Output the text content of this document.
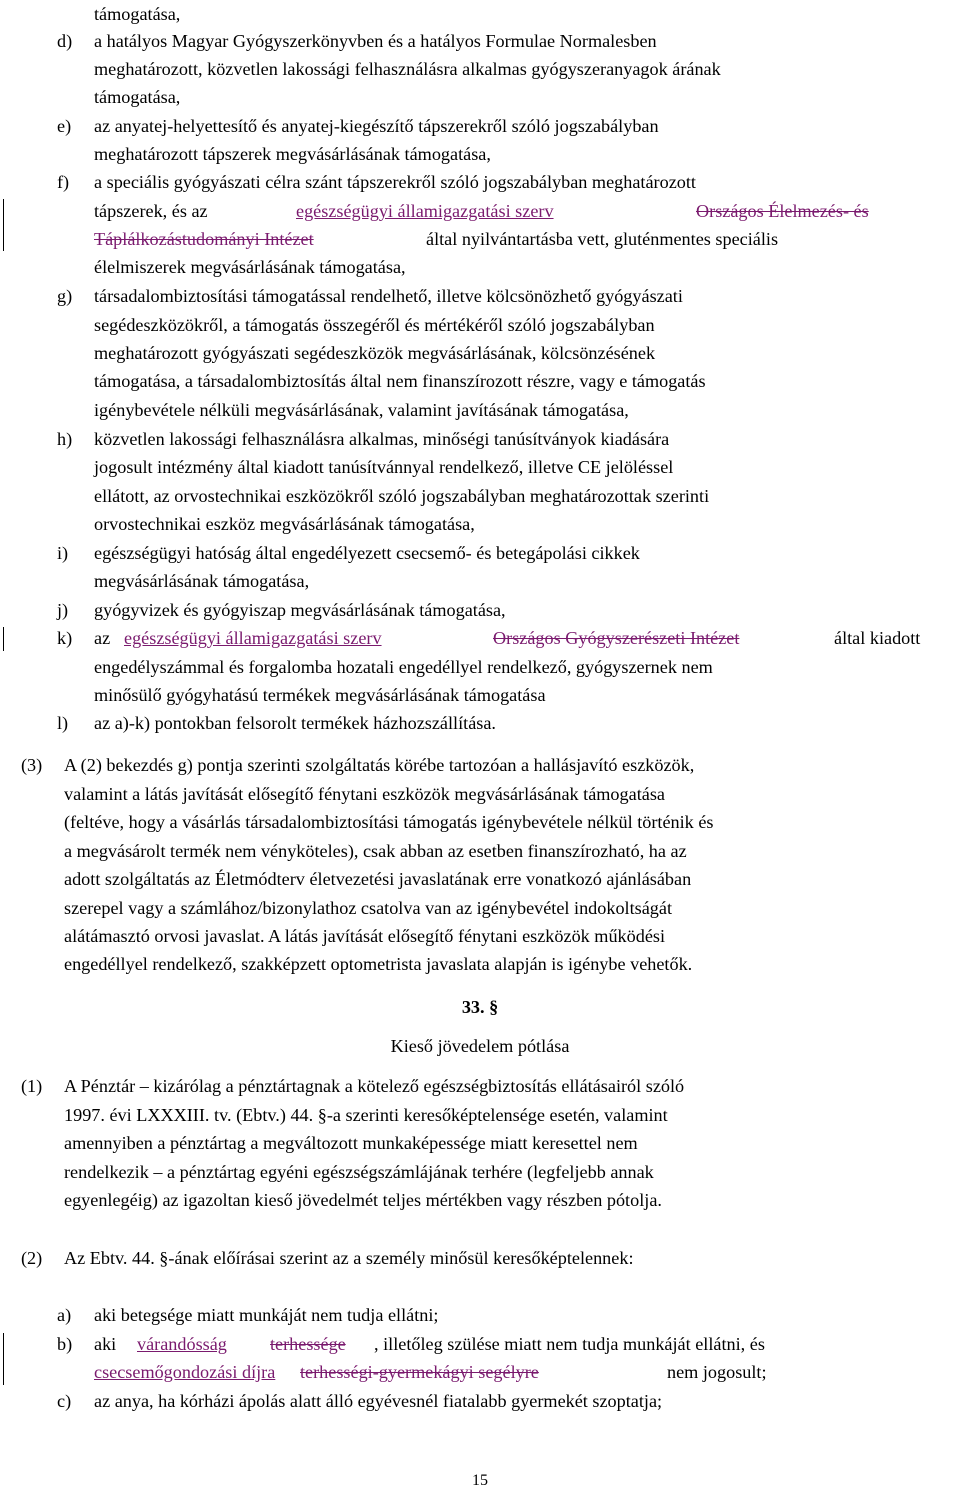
támogatása,
d) a hatályos Magyar Gyógyszerkönyvben és a hatályos Formulae Normalesben
meghatározott, közvetlen lakossági felhasználásra alkalmas gyógyszeranyagok árának
támogatása,
e) az anyatej-helyettesítő és anyatej-kiegészítő tápszerekről szóló jogszabályban
meghatározott tápszerek megvásárlásának támogatása,
f) a speciális gyógyászati célra szánt tápszerekről szóló jogszabályban meghatározott
tápszerek, és az	egészségügyi államigazgatási szerv	Országos Élelmezés- és
Táplálkozástudományi Intézet	által nyilvántartásba vett, gluténmentes speciális
élelmiszerek megvásárlásának támogatása,
g) társadalombiztosítási támogatással rendelhető, illetve kölcsönözhető gyógyászati
segédeszközökről, a támogatás összegéről és mértékéről szóló jogszabályban
meghatározott gyógyászati segédeszközök megvásárlásának, kölcsönzésének
támogatása, a társadalombiztosítás által nem finanszírozott részre, vagy e támogatás
igénybevétele nélküli megvásárlásának, valamint javításának támogatása,
h) közvetlen lakossági felhasználásra alkalmas, minőségi tanúsítványok kiadására
jogosult intézmény által kiadott tanúsítvánnyal rendelkező, illetve CE jelöléssel
ellátott, az orvostechnikai eszközökről szóló jogszabályban meghatározottak szerinti
orvostechnikai eszköz megvásárlásának támogatása,
i) egészségügyi hatóság által engedélyezett csecsemő- és betegápolási cikkek
megvásárlásának támogatása,
j) gyógyvizek és gyógyiszap megvásárlásának támogatása,
k) az egészségügyi államigazgatási szerv	Országos Gyógyszerészeti Intézet	által kiadott
engedélyszámmal és forgalomba hozatali engedéllyel rendelkező, gyógyszernek nem
minősülő gyógyhatású termékek megvásárlásának támogatása
l) az a)-k) pontokban felsorolt termékek házhozszállítása.
(3) A (2) bekezdés g) pontja szerinti szolgáltatás körébe tartozóan a hallásjavító eszközök,
valamint a látás javítását elősegítő fénytani eszközök megvásárlásának támogatása
(feltéve, hogy a vásárlás társadalombiztosítási támogatás igénybevétele nélkül történik és
a megvásárolt termék nem vényköteles), csak abban az esetben finanszírozható, ha az
adott szolgáltatás az Életmódterv életvezetési javaslatának erre vonatkozó ajánlásában
szerepel vagy a számlához/bizonylathoz csatolva van az igénybevétel indokoltságát
alátámasztó orvosi javaslat. A látás javítását elősegítő fénytani eszközök működési
engedéllyel rendelkező, szakképzett optometrista javaslata alapján is igénybe vehetők.
33. §
Kieső jövedelem pótlása
(1) A Pénztár – kizárólag a pénztártagnak a kötelező egészségbiztosítás ellátásairól szóló
1997. évi LXXXIII. tv. (Ebtv.) 44. §-a szerinti keresőképtelensége esetén, valamint
amennyiben a pénztártag a megváltozott munkaképessége miatt keresettel nem
rendelkezik – a pénztártag egyéni egészségszámlájának terhére (legfeljebb annak
egyenlegéig) az igazoltan kieső jövedelmét teljes mértékben vagy részben pótolja.
(2) Az Ebtv. 44. §-ának előírásai szerint az a személy minősül keresőképtelennek:
a) aki betegsége miatt munkáját nem tudja ellátni;
b) aki várandósság terhessége , illetőleg szülése miatt nem tudja munkáját ellátni, és
csecsemőgondozási díjra terhességi-gyermekágyi segélyre	nem jogosult;
c) az anya, ha kórházi ápolás alatt álló egyévesnél fiatalabb gyermekét szoptatja;
15
